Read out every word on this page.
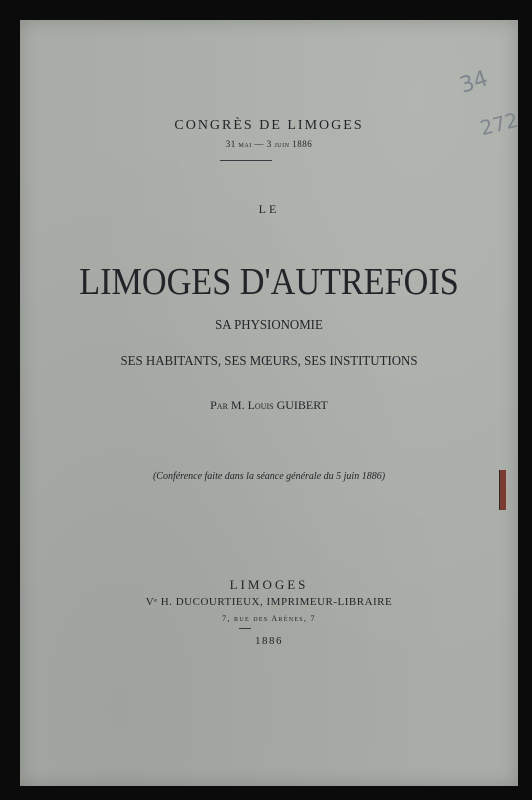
34
272
CONGRÈS DE LIMOGES
31 mai — 3 juin 1886
LE
LIMOGES D'AUTREFOIS
SA PHYSIONOMIE
SES HABITANTS, SES MŒURS, SES INSTITUTIONS
Par M. Louis GUIBERT
(Conférence faite dans la séance générale du 5 juin 1886)
LIMOGES
Vᵉ H. DUCOURTIEUX, IMPRIMEUR-LIBRAIRE
7, rue des Arènes, 7
1886
